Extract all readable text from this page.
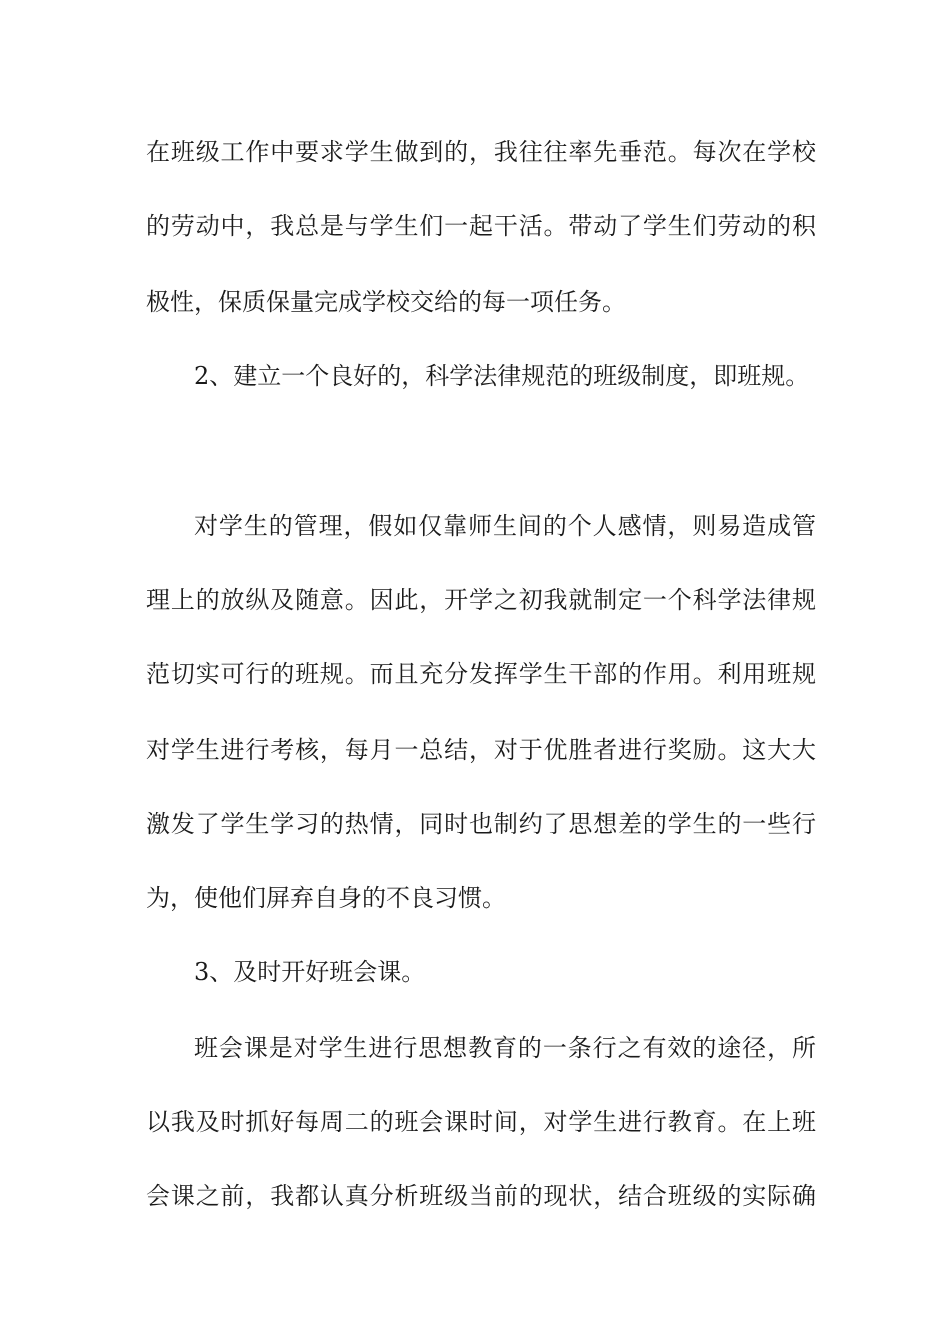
在班级工作中要求学生做到的，我往往率先垂范。每次在学校
的劳动中，我总是与学生们一起干活。带动了学生们劳动的积
极性，保质保量完成学校交给的每一项任务。
2、建立一个良好的，科学法律规范的班级制度，即班规。
对学生的管理，假如仅靠师生间的个人感情，则易造成管
理上的放纵及随意。因此，开学之初我就制定一个科学法律规
范切实可行的班规。而且充分发挥学生干部的作用。利用班规
对学生进行考核，每月一总结，对于优胜者进行奖励。这大大
激发了学生学习的热情，同时也制约了思想差的学生的一些行
为，使他们屏弃自身的不良习惯。
3、及时开好班会课。
班会课是对学生进行思想教育的一条行之有效的途径，所
以我及时抓好每周二的班会课时间，对学生进行教育。在上班
会课之前，我都认真分析班级当前的现状，结合班级的实际确
